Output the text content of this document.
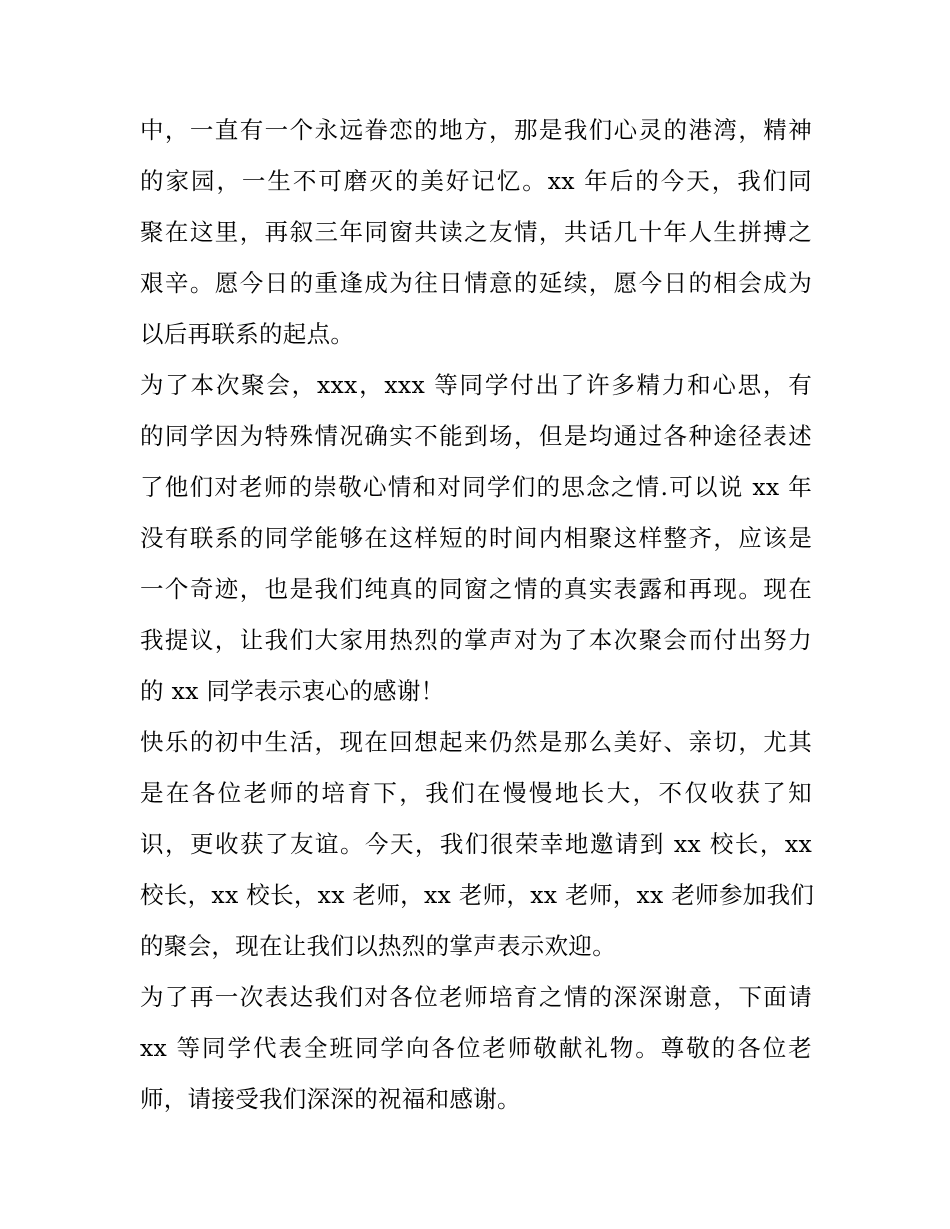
中，一直有一个永远眷恋的地方，那是我们心灵的港湾，精神
的家园，一生不可磨灭的美好记忆。xx 年后的今天，我们同
聚在这里，再叙三年同窗共读之友情，共话几十年人生拼搏之
艰辛。愿今日的重逢成为往日情意的延续，愿今日的相会成为
以后再联系的起点。
为了本次聚会，xxx，xxx 等同学付出了许多精力和心思，有
的同学因为特殊情况确实不能到场，但是均通过各种途径表述
了他们对老师的崇敬心情和对同学们的思念之情.可以说 xx 年
没有联系的同学能够在这样短的时间内相聚这样整齐，应该是
一个奇迹，也是我们纯真的同窗之情的真实表露和再现。现在
我提议，让我们大家用热烈的掌声对为了本次聚会而付出努力
的 xx 同学表示衷心的感谢！
快乐的初中生活，现在回想起来仍然是那么美好、亲切，尤其
是在各位老师的培育下，我们在慢慢地长大，不仅收获了知
识，更收获了友谊。今天，我们很荣幸地邀请到 xx 校长，xx
校长，xx 校长，xx 老师，xx 老师，xx 老师，xx 老师参加我们
的聚会，现在让我们以热烈的掌声表示欢迎。
为了再一次表达我们对各位老师培育之情的深深谢意，下面请
xx 等同学代表全班同学向各位老师敬献礼物。尊敬的各位老
师，请接受我们深深的祝福和感谢。
